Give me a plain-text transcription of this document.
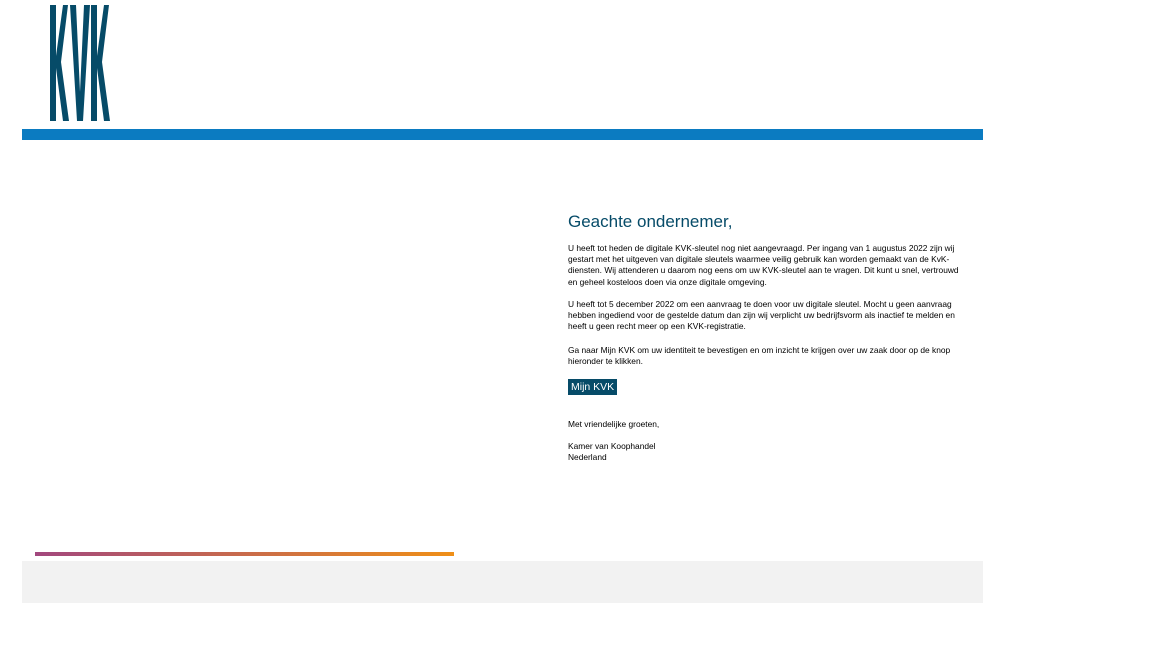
Geachte ondernemer,

U heeft tot heden de digitale KVK-sleutel nog niet aangevraagd. Per ingang van 1 augustus 2022 zijn wij gestart met het uitgeven van digitale sleutels waarmee veilig gebruik kan worden gemaakt van de KvK-diensten. Wij attenderen u daarom nog eens om uw KVK-sleutel aan te vragen. Dit kunt u snel, vertrouwd en geheel kosteloos doen via onze digitale omgeving.

U heeft tot 5 december 2022 om een aanvraag te doen voor uw digitale sleutel. Mocht u geen aanvraag hebben ingediend voor de gestelde datum dan zijn wij verplicht uw bedrijfsvorm als inactief te melden en heeft u geen recht meer op een KVK-registratie.

Ga naar Mijn KVK om uw identiteit te bevestigen en om inzicht te krijgen over uw zaak door op de knop hieronder te klikken.

Mijn KVK

Met vriendelijke groeten,

Kamer van Koophandel
Nederland
